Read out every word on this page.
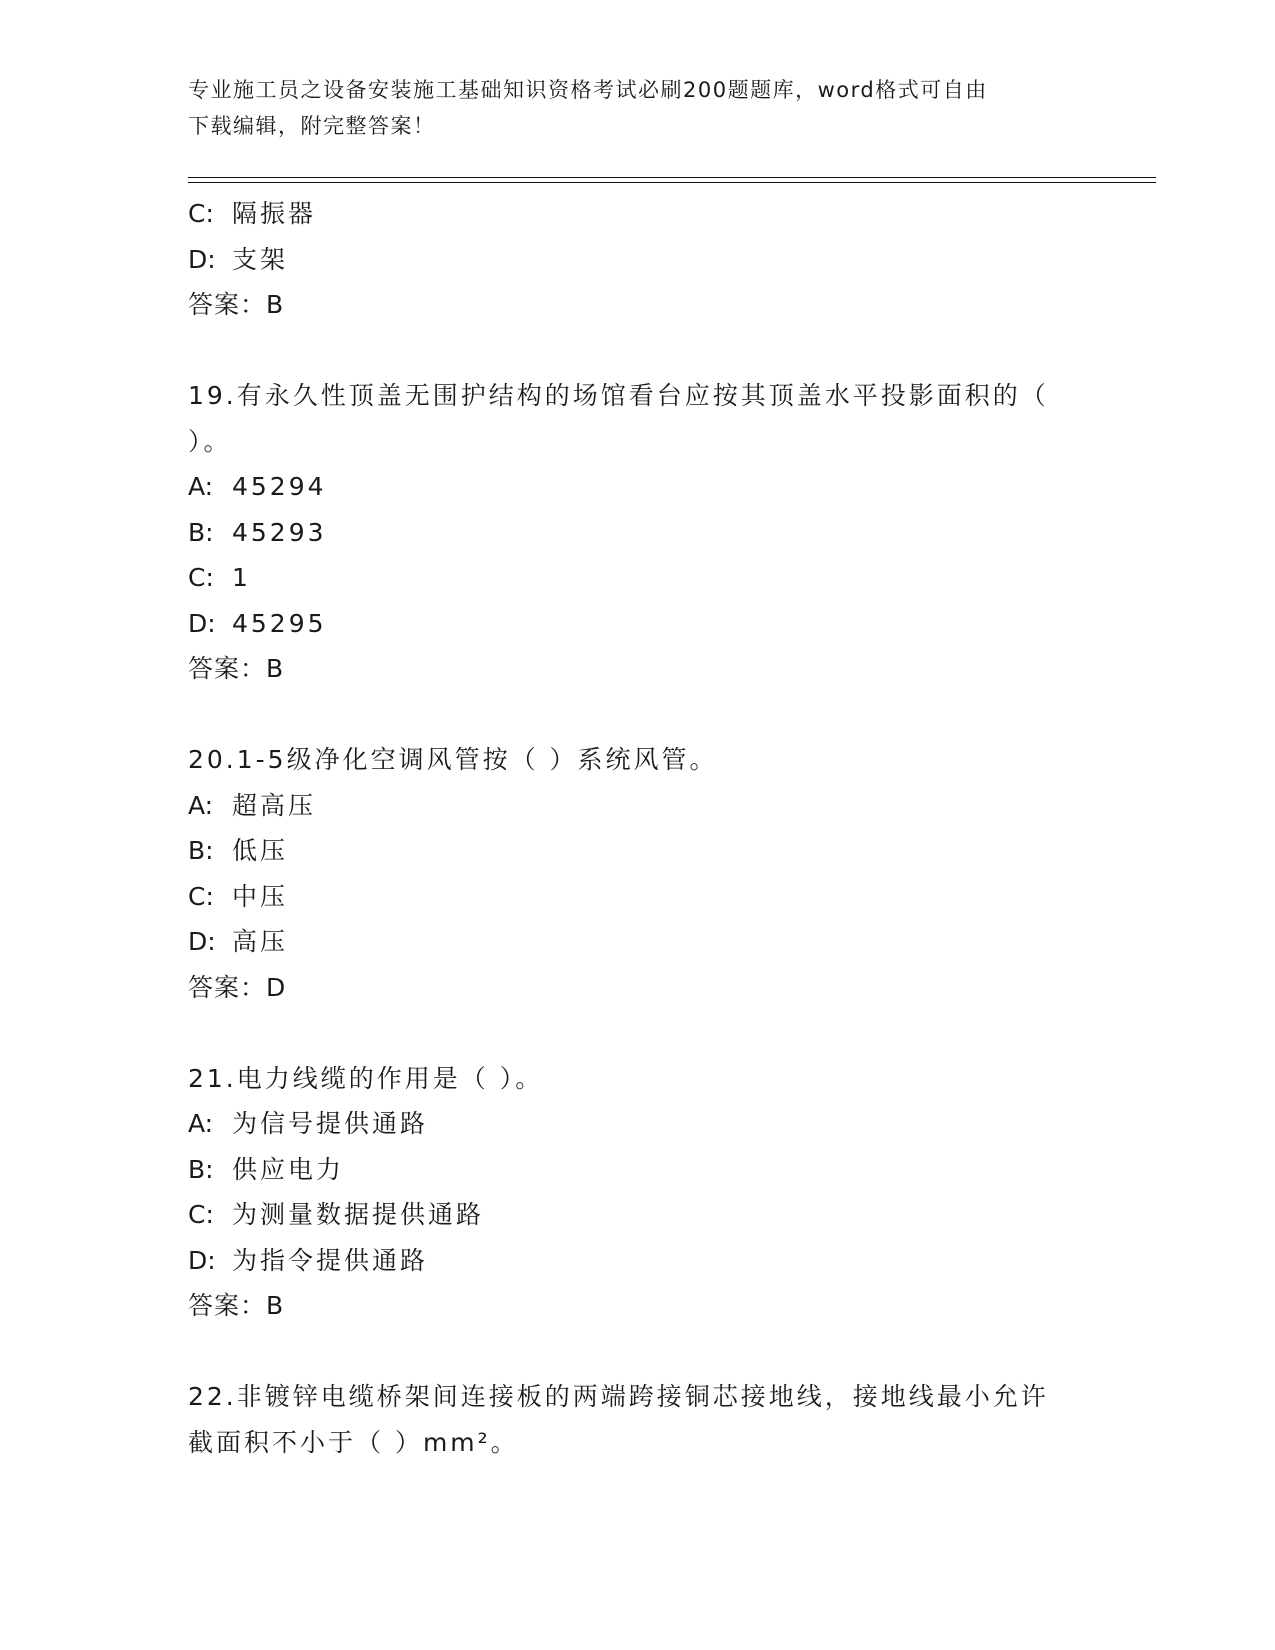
专业施工员之设备安装施工基础知识资格考试必刷200题题库，word格式可自由
下载编辑，附完整答案！
C: 隔振器
D: 支架
答案：B
19.有永久性顶盖无围护结构的场馆看台应按其顶盖水平投影面积的（
）。
A: 45294
B: 45293
C: 1
D: 45295
答案：B
20.1-5级净化空调风管按（ ）系统风管。
A: 超高压
B: 低压
C: 中压
D: 高压
答案：D
21.电力线缆的作用是（ ）。
A: 为信号提供通路
B: 供应电力
C: 为测量数据提供通路
D: 为指令提供通路
答案：B
22.非镀锌电缆桥架间连接板的两端跨接铜芯接地线，接地线最小允许
截面积不小于（ ）mm²。
